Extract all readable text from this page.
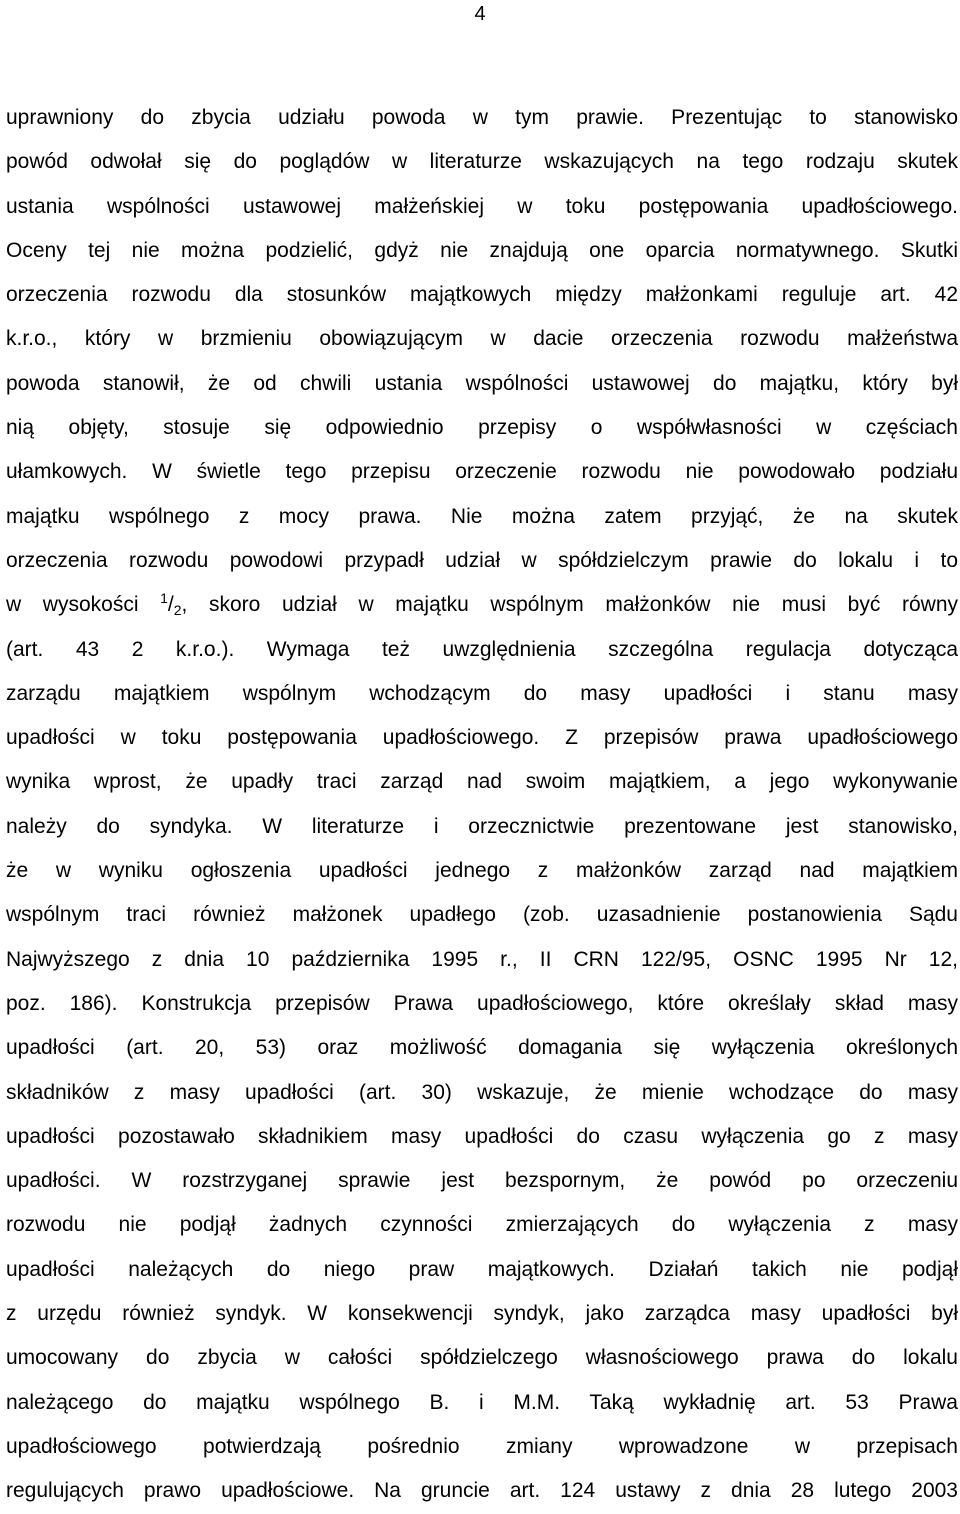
4
uprawniony do zbycia udziału powoda w tym prawie. Prezentując to stanowisko
powód odwołał się do poglądów w literaturze wskazujących na tego rodzaju skutek
ustania wspólności ustawowej małżeńskiej w toku postępowania upadłościowego.
Oceny tej nie można podzielić, gdyż nie znajdują one oparcia normatywnego. Skutki
orzeczenia rozwodu dla stosunków majątkowych między małżonkami reguluje art. 42
k.r.o., który w brzmieniu obowiązującym w dacie orzeczenia rozwodu małżeństwa
powoda stanowił, że od chwili ustania wspólności ustawowej do majątku, który był
nią objęty, stosuje się odpowiednio przepisy o współwłasności w częściach
ułamkowych. W świetle tego przepisu orzeczenie rozwodu nie powodowało podziału
majątku wspólnego z mocy prawa. Nie można zatem przyjąć, że na skutek
orzeczenia rozwodu powodowi przypadł udział w spółdzielczym prawie do lokalu i to
w wysokości $^1/_2$, skoro udział w majątku wspólnym małżonków nie musi być równy
(art. 43 2 k.r.o.). Wymaga też uwzględnienia szczególna regulacja dotycząca
zarządu majątkiem wspólnym wchodzącym do masy upadłości i stanu masy
upadłości w toku postępowania upadłościowego. Z przepisów prawa upadłościowego
wynika wprost, że upadły traci zarząd nad swoim majątkiem, a jego wykonywanie
należy do syndyka. W literaturze i orzecznictwie prezentowane jest stanowisko,
że w wyniku ogłoszenia upadłości jednego z małżonków zarząd nad majątkiem
wspólnym traci również małżonek upadłego (zob. uzasadnienie postanowienia Sądu
Najwyższego z dnia 10 października 1995 r., II CRN 122/95, OSNC 1995 Nr 12,
poz. 186). Konstrukcja przepisów Prawa upadłościowego, które określały skład masy
upadłości (art. 20, 53) oraz możliwość domagania się wyłączenia określonych
składników z masy upadłości (art. 30) wskazuje, że mienie wchodzące do masy
upadłości pozostawało składnikiem masy upadłości do czasu wyłączenia go z masy
upadłości. W rozstrzyganej sprawie jest bezspornym, że powód po orzeczeniu
rozwodu nie podjął żadnych czynności zmierzających do wyłączenia z masy
upadłości należących do niego praw majątkowych. Działań takich nie podjął
z urzędu również syndyk. W konsekwencji syndyk, jako zarządca masy upadłości był
umocowany do zbycia w całości spółdzielczego własnościowego prawa do lokalu
należącego do majątku wspólnego B. i M.M. Taką wykładnię art. 53 Prawa
upadłościowego potwierdzają pośrednio zmiany wprowadzone w przepisach
regulujących prawo upadłościowe. Na gruncie art. 124 ustawy z dnia 28 lutego 2003
